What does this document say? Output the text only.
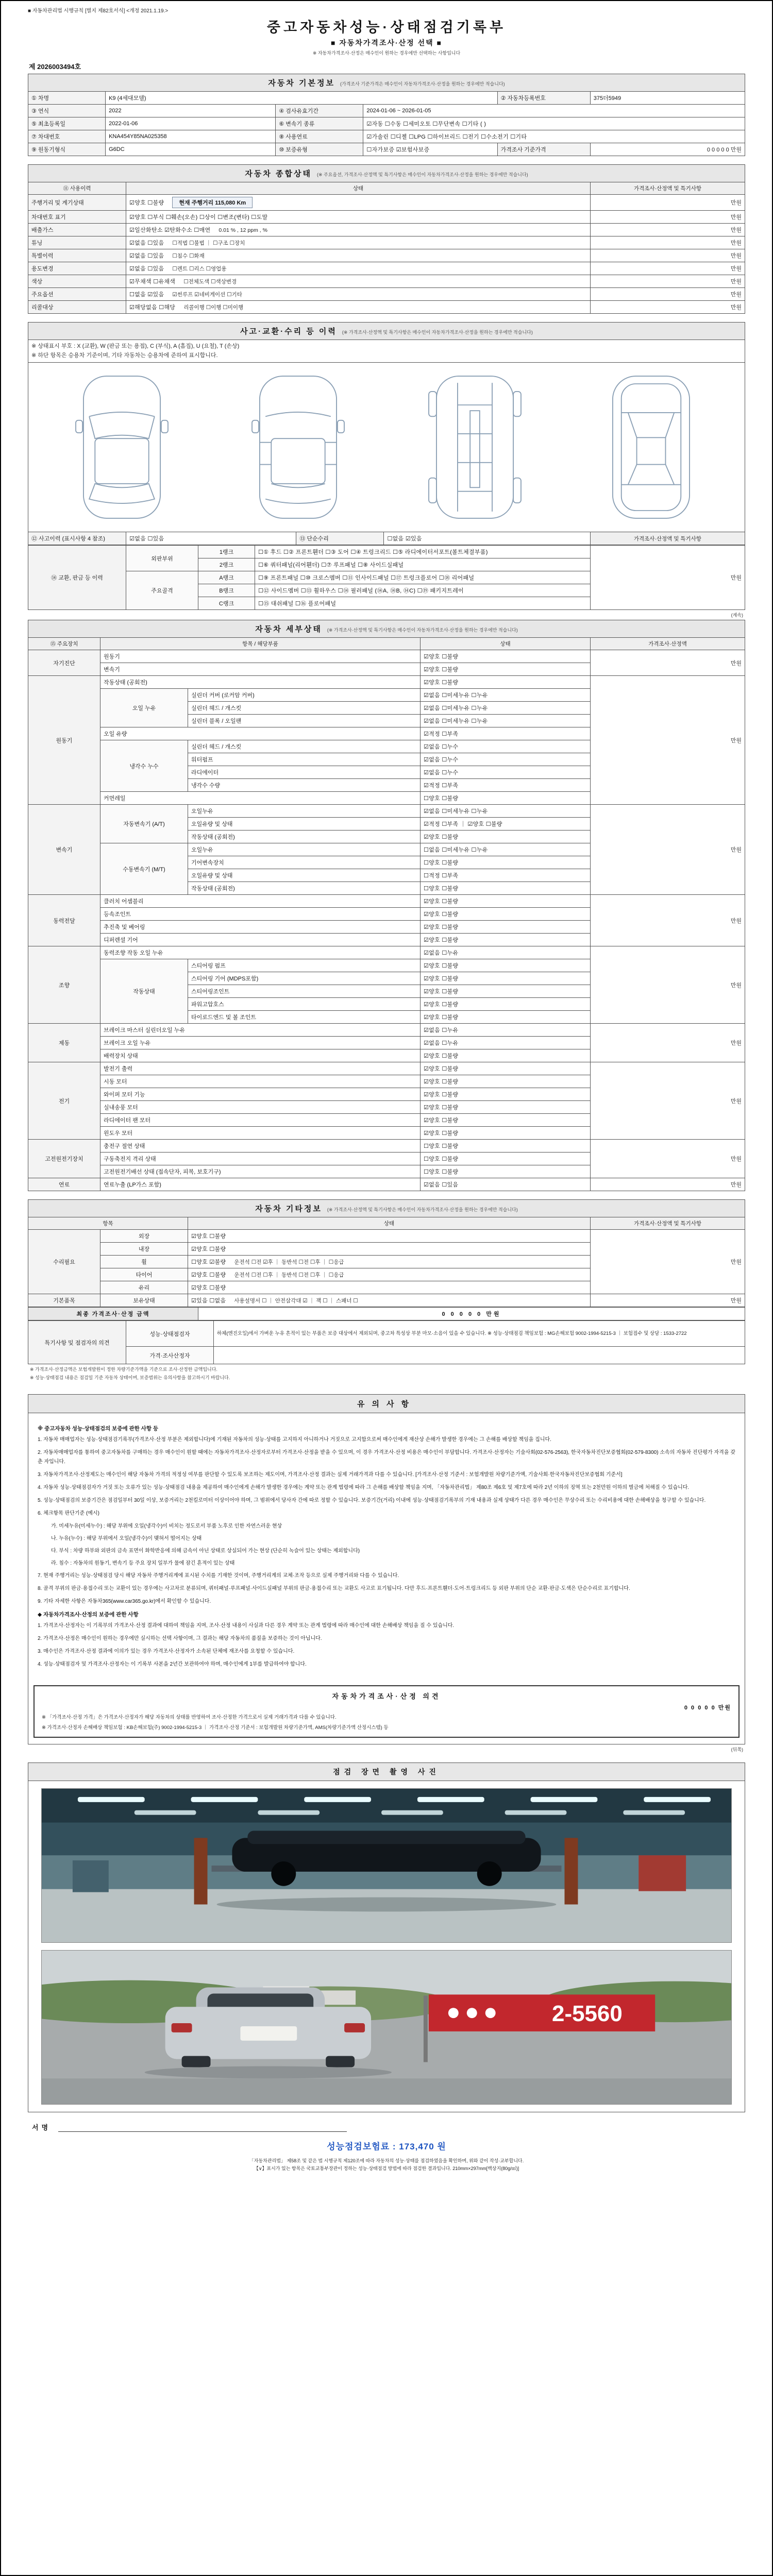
■ 자동차관리법 시행규칙 [별지 제82호서식] <개정 2021.1.19.>
중고자동차성능·상태점검기록부
■ 자동차가격조사·산정 선택 ■
※ 자동차가격조사·산정은 매수인이 원하는 경우에만 선택하는 사항입니다
제 2026003494호
자동차 기본정보 (가격조사 기준가격은 매수인이 자동차가격조사·산정을 원하는 경우에만 적습니다)					
① 차명	K9 (4세대모델)			② 자동차등록번호	375더5949
③ 연식	2022	④ 검사유효기간	2024-01-06 ~ 2026-01-05		
⑤ 최초등록일	2022-01-06	⑥ 변속기 종류	☑자동 ☐수동 ☐세미오토 ☐무단변속 ☐기타 ( )		
⑦ 차대번호	KNA454Y85NA025358	⑧ 사용연료	☑가솔린 ☐디젤 ☐LPG ☐하이브리드 ☐전기 ☐수소전기 ☐기타		
⑨ 원동기형식	G6DC	⑩ 보증유형	☐자가보증 ☑보험사보증	가격조사 기준가격	0 0 0 0 0 만원
자동차 종합상태 (※ 주요옵션, 가격조사·산정액 및 특기사항은 매수인이 자동차가격조사·산정을 원하는 경우에만 적습니다)		
⑪ 사용이력	상태	가격조사·산정액 및 특기사항
주행거리 및 계기상태	☑양호 ☐불량 현재 주행거리 115,080 Km	만원
차대번호 표기	☑양호 ☐부식 ☐훼손(오손) ☐상이 ☐변조(변타) ☐도말	만원
배출가스	☑일산화탄소 ☑탄화수소 ☐매연 0.01 % , 12 ppm , %	만원
튜닝	☑없음 ☐있음 ☐적법 ☐불법 ｜ ☐구조 ☐장치	만원
특별이력	☑없음 ☐있음 ☐침수 ☐화재	만원
용도변경	☑없음 ☐있음 ☐렌트 ☐리스 ☐영업용	만원
색상	☑무채색 ☐유채색 ☐전체도색 ☐색상변경	만원
주요옵션	☐없음 ☑있음 ☑썬루프 ☑네비게이션 ☐기타	만원
리콜대상	☑해당없음 ☐해당 리콜이행 ☐이행 ☐미이행	만원
사고·교환·수리 등 이력 (※ 가격조사·산정액 및 특기사항은 매수인이 자동차가격조사·산정을 원하는 경우에만 적습니다)

※ 상태표시 부호 : X (교환), W (판금 또는 용접), C (부식), A (흠집), U (요철), T (손상)
※ 하단 항목은 승용차 기준이며, 기타 자동차는 승용차에 준하여 표시합니다.

⑫ 사고이력 (표시사항 4 참조)	☑없음 ☐있음	⑬ 단순수리	☐없음 ☑있음	가격조사·산정액 및 특기사항
⑭ 교환, 판금 등 이력	외판부위	1랭크	☐① 후드 ☐② 프론트휀더 ☐③ 도어 ☐④ 트렁크리드 ☐⑤ 라디에이터서포트(볼트체결부품)	만원
		2랭크	☐⑥ 쿼터패널(리어휀더) ☐⑦ 루프패널 ☐⑧ 사이드실패널	
	주요골격	A랭크	☐⑨ 프론트패널 ☐⑩ 크로스멤버 ☐⑪ 인사이드패널 ☐⑰ 트렁크플로어 ☐⑱ 리어패널	
		B랭크	☐⑫ 사이드멤버 ☐⑬ 휠하우스 ☐⑭ 필러패널 (⑭A, ⑭B, ⑭C) ☐⑲ 패키지트레이	
		C랭크	☐⑮ 대쉬패널 ☐⑯ 플로어패널	
(계속)
자동차 세부상태 (※ 가격조사·산정액 및 특기사항은 매수인이 자동차가격조사·산정을 원하는 경우에만 적습니다)				
⑮ 주요장치	항목 / 해당부품		상태	가격조사·산정액
자기진단	원동기		☑양호 ☐불량	만원
	변속기		☑양호 ☐불량	
원동기	작동상태 (공회전)		☑양호 ☐불량	만원
	오일 누유	실린더 커버 (로커암 커버)	☑없음 ☐미세누유 ☐누유	
		실린더 헤드 / 개스킷	☑없음 ☐미세누유 ☐누유	
		실린더 블록 / 오일팬	☑없음 ☐미세누유 ☐누유	
	오일 유량		☑적정 ☐부족	
	냉각수 누수	실린더 헤드 / 개스킷	☑없음 ☐누수	
		워터펌프	☑없음 ☐누수	
		라디에이터	☑없음 ☐누수	
		냉각수 수량	☑적정 ☐부족	
	커먼레일		☐양호 ☐불량	
변속기	자동변속기 (A/T)	오일누유	☑없음 ☐미세누유 ☐누유	만원
		오일유량 및 상태	☑적정 ☐부족 ｜ ☑양호 ☐불량	
		작동상태 (공회전)	☑양호 ☐불량	
	수동변속기 (M/T)	오일누유	☐없음 ☐미세누유 ☐누유	
		기어변속장치	☐양호 ☐불량	
		오일유량 및 상태	☐적정 ☐부족	
		작동상태 (공회전)	☐양호 ☐불량	
동력전달	클러치 어셈블리		☑양호 ☐불량	만원
	등속조인트		☑양호 ☐불량	
	추진축 및 베어링		☑양호 ☐불량	
	디퍼렌셜 기어		☑양호 ☐불량	
조향	동력조향 작동 오일 누유		☑없음 ☐누유	만원
	작동상태	스티어링 펌프	☑양호 ☐불량	
		스티어링 기어 (MDPS포함)	☑양호 ☐불량	
		스티어링조인트	☑양호 ☐불량	
		파워고압호스	☑양호 ☐불량	
		타이로드엔드 및 볼 조인트	☑양호 ☐불량	
제동	브레이크 마스터 실린더오일 누유		☑없음 ☐누유	만원
	브레이크 오일 누유		☑없음 ☐누유	
	배력장치 상태		☑양호 ☐불량	
전기	발전기 출력		☑양호 ☐불량	만원
	시동 모터		☑양호 ☐불량	
	와이퍼 모터 기능		☑양호 ☐불량	
	실내송풍 모터		☑양호 ☐불량	
	라디에이터 팬 모터		☑양호 ☐불량	
	윈도우 모터		☑양호 ☐불량	
고전원전기장치	충전구 절연 상태		☐양호 ☐불량	만원
	구동축전지 격리 상태		☐양호 ☐불량	
	고전원전기배선 상태 (접속단자, 피복, 보호기구)		☐양호 ☐불량	
연료	연료누출 (LP가스 포함)		☑없음 ☐있음	만원
자동차 기타정보 (※ 가격조사·산정액 및 특기사항은 매수인이 자동차가격조사·산정을 원하는 경우에만 적습니다)			
항목		상태	가격조사·산정액 및 특기사항
수리필요	외장	☑양호 ☐불량	만원
	내장	☑양호 ☐불량	
	휠	☐양호 ☑불량 운전석 ☐전 ☑후 ｜ 동반석 ☐전 ☐후 ｜ ☐응급	
	타이어	☑양호 ☐불량 운전석 ☐전 ☐후 ｜ 동반석 ☐전 ☐후 ｜ ☐응급	
	유리	☑양호 ☐불량	
기본품목	보유상태	☑있음 ☐없음 사용설명서 ☐ ｜ 안전삼각대 ☑ ｜ 잭 ☐ ｜ 스패너 ☐	만원
최종 가격조사·산정 금액	0 0 0 0 0 만원
특기사항 및 점검자의 의견	성능·상태점검자	하체(엔진오일)에서 가벼운 누유 흔적이 있는 부품은 보증 대상에서 제외되며, 중고차 특성상 부분 마모·소음이 있을 수 있습니다. ※ 성능·상태점검 책임보험 : MG손해보험 9002-1994-5215-3 ｜ 보험접수 및 상담 : 1533-2722

	가격·조사산정자	
※ 가격조사·산정금액은 보험개발원이 정한 차량기준가액을 기준으로 조사·산정한 금액입니다.
※ 성능·상태점검 내용은 점검일 기준 자동차 상태이며, 보증범위는 유의사항을 참고하시기 바랍니다.
유의사항
※ 중고자동차 성능·상태점검의 보증에 관한 사항 등
1. 자동차 매매업자는 성능·상태점검기록부(가격조사·산정 부분은 제외합니다)에 기재된 자동차의 성능·상태를 고지하지 아니하거나 거짓으로 고지함으로써 매수인에게 재산상 손해가 발생한 경우에는 그 손해를 배상할 책임을 집니다.
2. 자동차매매업자를 통하여 중고자동차를 구매하는 경우 매수인이 원할 때에는 자동차가격조사·산정자로부터 가격조사·산정을 받을 수 있으며, 이 경우 가격조사·산정 비용은 매수인이 부담합니다. 가격조사·산정자는 기술사회(02-576-2563), 한국자동차진단보증협회(02-579-8300) 소속의 자동차 진단평가 자격을 갖춘 자입니다.
3. 자동차가격조사·산정제도는 매수인이 해당 자동차 가격의 적정성 여부를 판단할 수 있도록 보조하는 제도이며, 가격조사·산정 결과는 실제 거래가격과 다를 수 있습니다. [가격조사·산정 기준서 : 보험개발원 차량기준가액, 기술사회·한국자동차진단보증협회 기준서]
4. 자동차 성능·상태점검자가 거짓 또는 오류가 있는 성능·상태점검 내용을 제공하여 매수인에게 손해가 발생한 경우에는 계약 또는 관계 법령에 따라 그 손해를 배상할 책임을 지며, 「자동차관리법」 제80조 제6호 및 제7호에 따라 2년 이하의 징역 또는 2천만원 이하의 벌금에 처해질 수 있습니다.
5. 성능·상태점검의 보증기간은 점검일부터 30일 이상, 보증거리는 2천킬로미터 이상이어야 하며, 그 범위에서 당사자 간에 따로 정할 수 있습니다. 보증기간(거리) 이내에 성능·상태점검기록부의 기재 내용과 실제 상태가 다른 경우 매수인은 무상수리 또는 수리비용에 대한 손해배상을 청구할 수 있습니다.
6. 체크항목 판단기준 (예시)
가. 미세누유(미세누수) : 해당 부위에 오일(냉각수)이 비치는 정도로서 부품 노후로 인한 자연스러운 현상
나. 누유(누수) : 해당 부위에서 오일(냉각수)이 맺혀서 떨어지는 상태
다. 부식 : 차량 하부와 외판의 금속 표면이 화학반응에 의해 금속이 아닌 상태로 상실되어 가는 현상 (단순히 녹슬어 있는 상태는 제외합니다)
라. 침수 : 자동차의 원동기, 변속기 등 주요 장치 일부가 물에 잠긴 흔적이 있는 상태
7. 현재 주행거리는 성능·상태점검 당시 해당 자동차 주행거리계에 표시된 수치를 기재한 것이며, 주행거리계의 교체·조작 등으로 실제 주행거리와 다를 수 있습니다.
8. 골격 부위의 판금·용접수리 또는 교환이 있는 경우에는 사고차로 분류되며, 쿼터패널·루프패널·사이드실패널 부위의 판금·용접수리 또는 교환도 사고로 표기됩니다. 다만 후드·프론트휀더·도어·트렁크리드 등 외판 부위의 단순 교환·판금·도색은 단순수리로 표기합니다.
9. 기타 자세한 사항은 자동차365(www.car365.go.kr)에서 확인할 수 있습니다.
◆ 자동차가격조사·산정의 보증에 관한 사항
1. 가격조사·산정자는 이 기록부의 가격조사·산정 결과에 대하여 책임을 지며, 조사·산정 내용이 사실과 다른 경우 계약 또는 관계 법령에 따라 매수인에 대한 손해배상 책임을 질 수 있습니다.
2. 가격조사·산정은 매수인이 원하는 경우에만 실시하는 선택 사항이며, 그 결과는 해당 자동차의 품질을 보증하는 것이 아닙니다.
3. 매수인은 가격조사·산정 결과에 이의가 있는 경우 가격조사·산정자가 소속된 단체에 재조사를 요청할 수 있습니다.
4. 성능·상태점검자 및 가격조사·산정자는 이 기록부 사본을 2년간 보관하여야 하며, 매수인에게 1부를 발급하여야 합니다.
자동차가격조사·산정 의견
0 0 0 0 0 만원
※ 「가격조사·산정 가격」은 가격조사·산정자가 해당 자동차의 상태를 반영하여 조사·산정한 가격으로서 실제 거래가격과 다를 수 있습니다.
※ 가격조사·산정자 손해배상 책임보험 : KB손해보험(주) 9002-1994-5215-3 ｜ 가격조사·산정 기준서 : 보험개발원 차량기준가액, AMS(차량기준가액 산정시스템) 등
(뒤쪽)
점검 장면 촬영 사진
2-5560
서명
성능점검보험료 : 173,470 원
「자동차관리법」 제58조 및 같은 법 시행규칙 제120조에 따라 자동차의 성능·상태를 점검하였음을 확인하며, 위와 같이 작성·교부합니다.
【∨】표시가 있는 항목은 국토교통부장관이 정하는 성능·상태점검 방법에 따라 점검한 결과입니다. 210mm×297mm[백상지(80g/㎡)]
